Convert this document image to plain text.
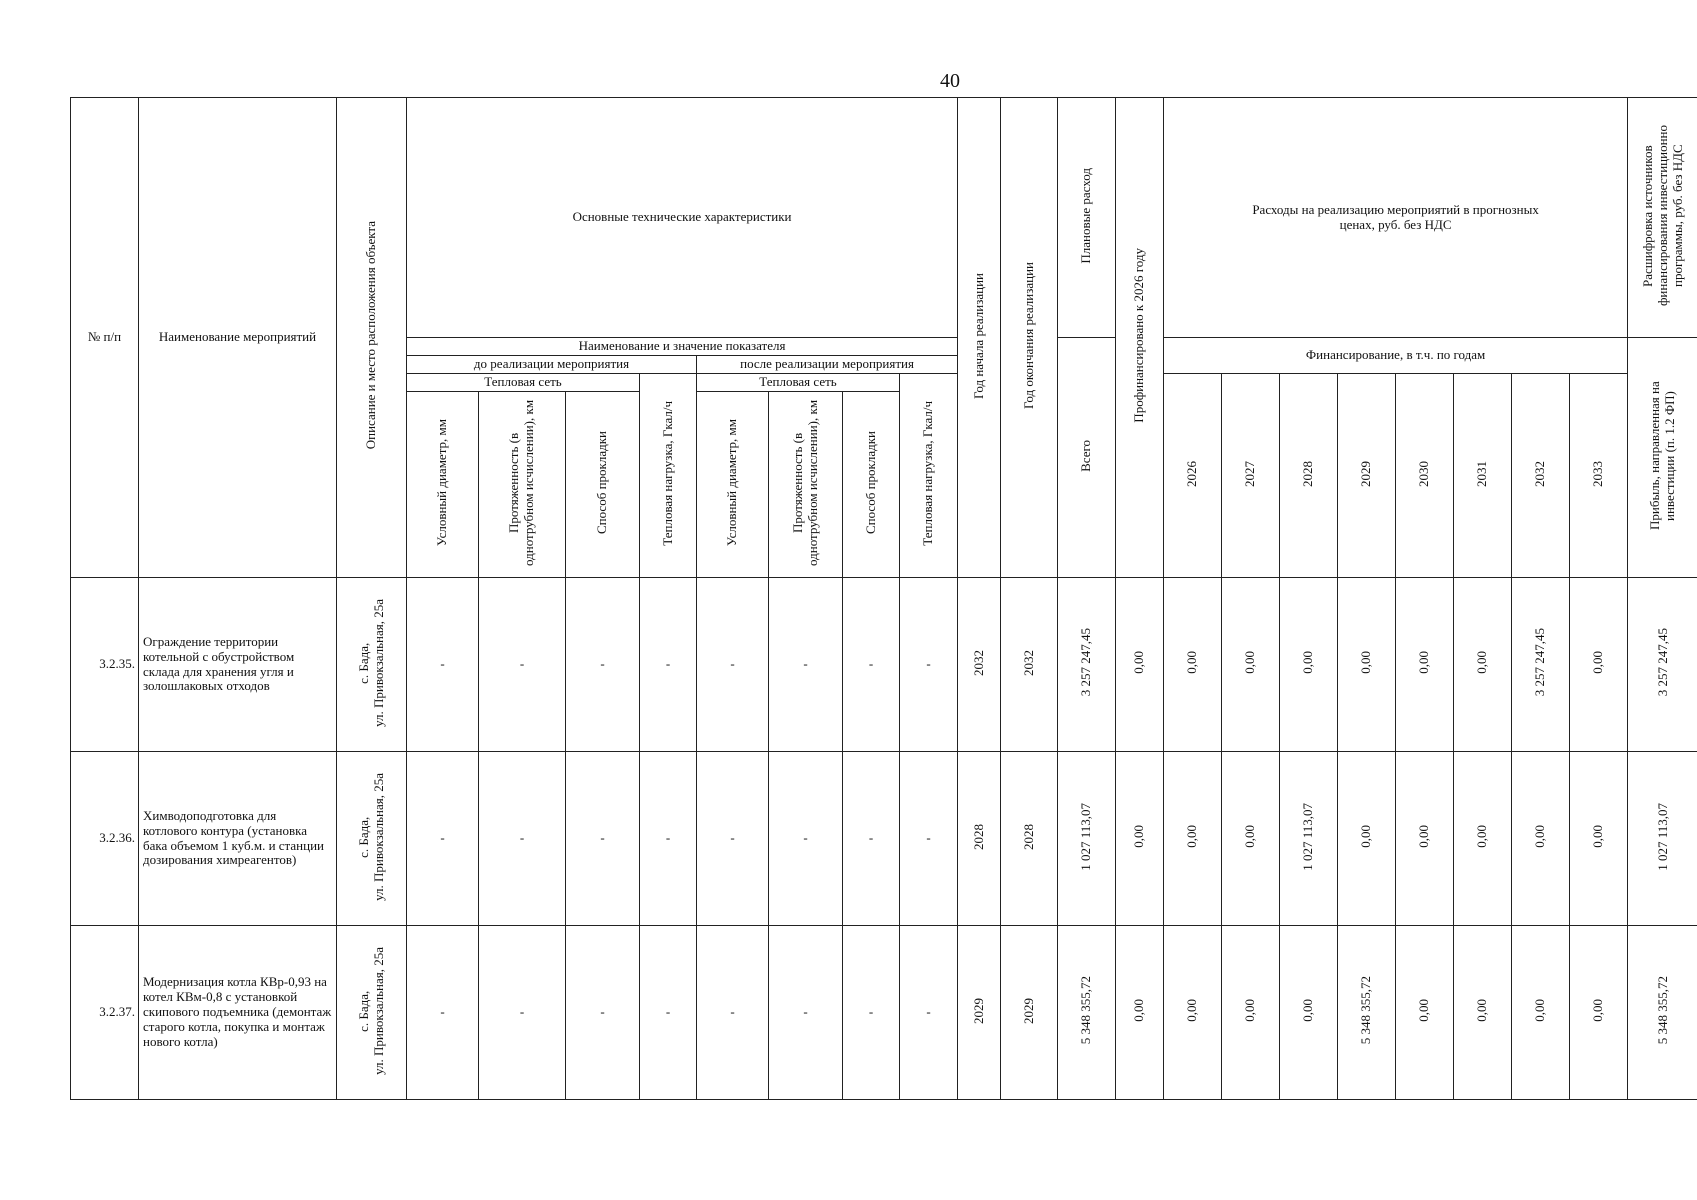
40
№ п/п	Наименование мероприятий	Описание и место расположения объекта	Основные технические характеристики								Год начала реализации	Год окончания реализации	Плановые расход	Профинансировано к 2026 году	Расходы на реализацию мероприятий в прогнозных ценах, руб. без НДС								Расшифровка источников финансирования инвестиционно программы, руб. без НДС
			Наименование и значение показателя										Всего		Финансирование, в т.ч. по годам								Прибыль, направленная на инвестиции (п. 1.2 ФП)
			до реализации мероприятия				после реализации мероприятия																
			Тепловая сеть			Тепловая нагрузка, Гкал/ч	Тепловая сеть			Тепловая нагрузка, Гкал/ч					2026	2027	2028	2029	2030	2031	2032	2033	
			Условный диаметр, мм	Протяженность (в однотрубном исчислении), км	Способ прокладки		Условный диаметр, мм	Протяженность (в однотрубном исчислении), км	Способ прокладки														
3.2.35.	Ограждение территории котельной с обустройством склада для хранения угля и золошлаковых отходов	с. Бада,
ул. Привокзальная, 25а	-	-	-	-	-	-	-	-	2032	2032	3 257 247,45	0,00	0,00	0,00	0,00	0,00	0,00	0,00	3 257 247,45	0,00	3 257 247,45
3.2.36.	Химводоподготовка для котлового контура (установка бака объемом 1 куб.м. и станции дозирования химреагентов)	с. Бада,
ул. Привокзальная, 25а	-	-	-	-	-	-	-	-	2028	2028	1 027 113,07	0,00	0,00	0,00	1 027 113,07	0,00	0,00	0,00	0,00	0,00	1 027 113,07
3.2.37.	Модернизация котла КВр-0,93 на котел КВм-0,8 с установкой скипового подъемника (демонтаж старого котла, покупка и монтаж нового котла)	с. Бада,
ул. Привокзальная, 25а	-	-	-	-	-	-	-	-	2029	2029	5 348 355,72	0,00	0,00	0,00	0,00	5 348 355,72	0,00	0,00	0,00	0,00	5 348 355,72
